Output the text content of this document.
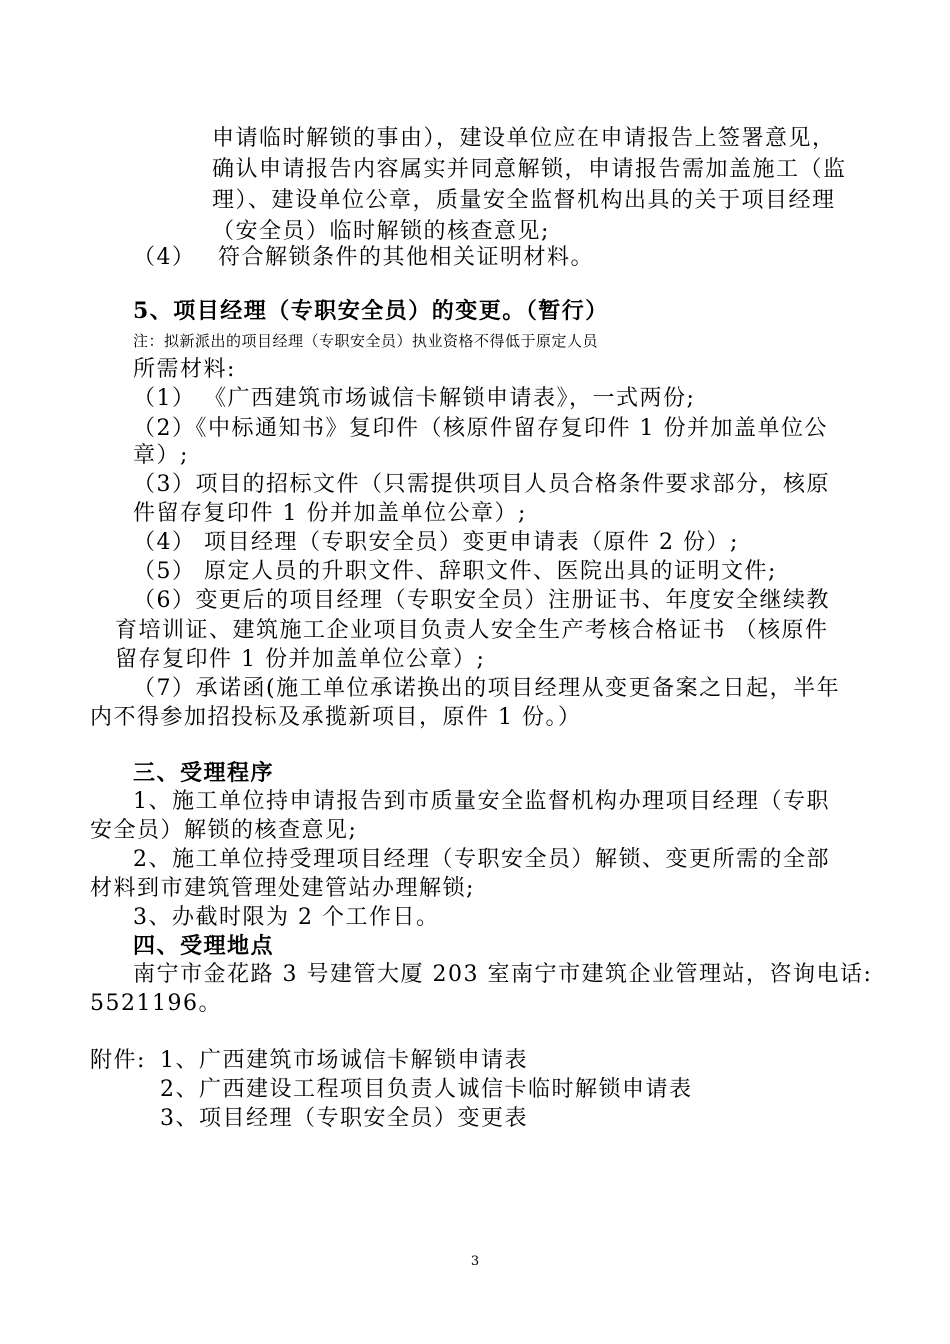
申请临时解锁的事由），建设单位应在申请报告上签署意见，
确认申请报告内容属实并同意解锁，申请报告需加盖施工（监
理）、建设单位公章，质量安全监督机构出具的关于项目经理
（安全员）临时解锁的核查意见;
（4） 符合解锁条件的其他相关证明材料。
5、项目经理（专职安全员）的变更。（暂行）
注：拟新派出的项目经理（专职安全员）执业资格不得低于原定人员
所需材料:
（1） 《广西建筑市场诚信卡解锁申请表》，一式两份;
（2）《中标通知书》复印件（核原件留存复印件 1 份并加盖单位公
章）;
（3）项目的招标文件（只需提供项目人员合格条件要求部分，核原
件留存复印件 1 份并加盖单位公章）;
（4） 项目经理（专职安全员）变更申请表（原件 2 份）;
（5） 原定人员的升职文件、辞职文件、医院出具的证明文件;
（6）变更后的项目经理（专职安全员）注册证书、年度安全继续教
育培训证、建筑施工企业项目负责人安全生产考核合格证书 （核原件
留存复印件 1 份并加盖单位公章）;
（7）承诺函(施工单位承诺换出的项目经理从变更备案之日起，半年
内不得参加招投标及承揽新项目，原件 1 份。）
三、受理程序
1、施工单位持申请报告到市质量安全监督机构办理项目经理（专职
安全员）解锁的核查意见;
2、施工单位持受理项目经理（专职安全员）解锁、变更所需的全部
材料到市建筑管理处建管站办理解锁;
3、办截时限为 2 个工作日。
四、受理地点
南宁市金花路 3 号建管大厦 203 室南宁市建筑企业管理站，咨询电话:
5521196。
附件: 1、广西建筑市场诚信卡解锁申请表
2、广西建设工程项目负责人诚信卡临时解锁申请表
3、项目经理（专职安全员）变更表
3
